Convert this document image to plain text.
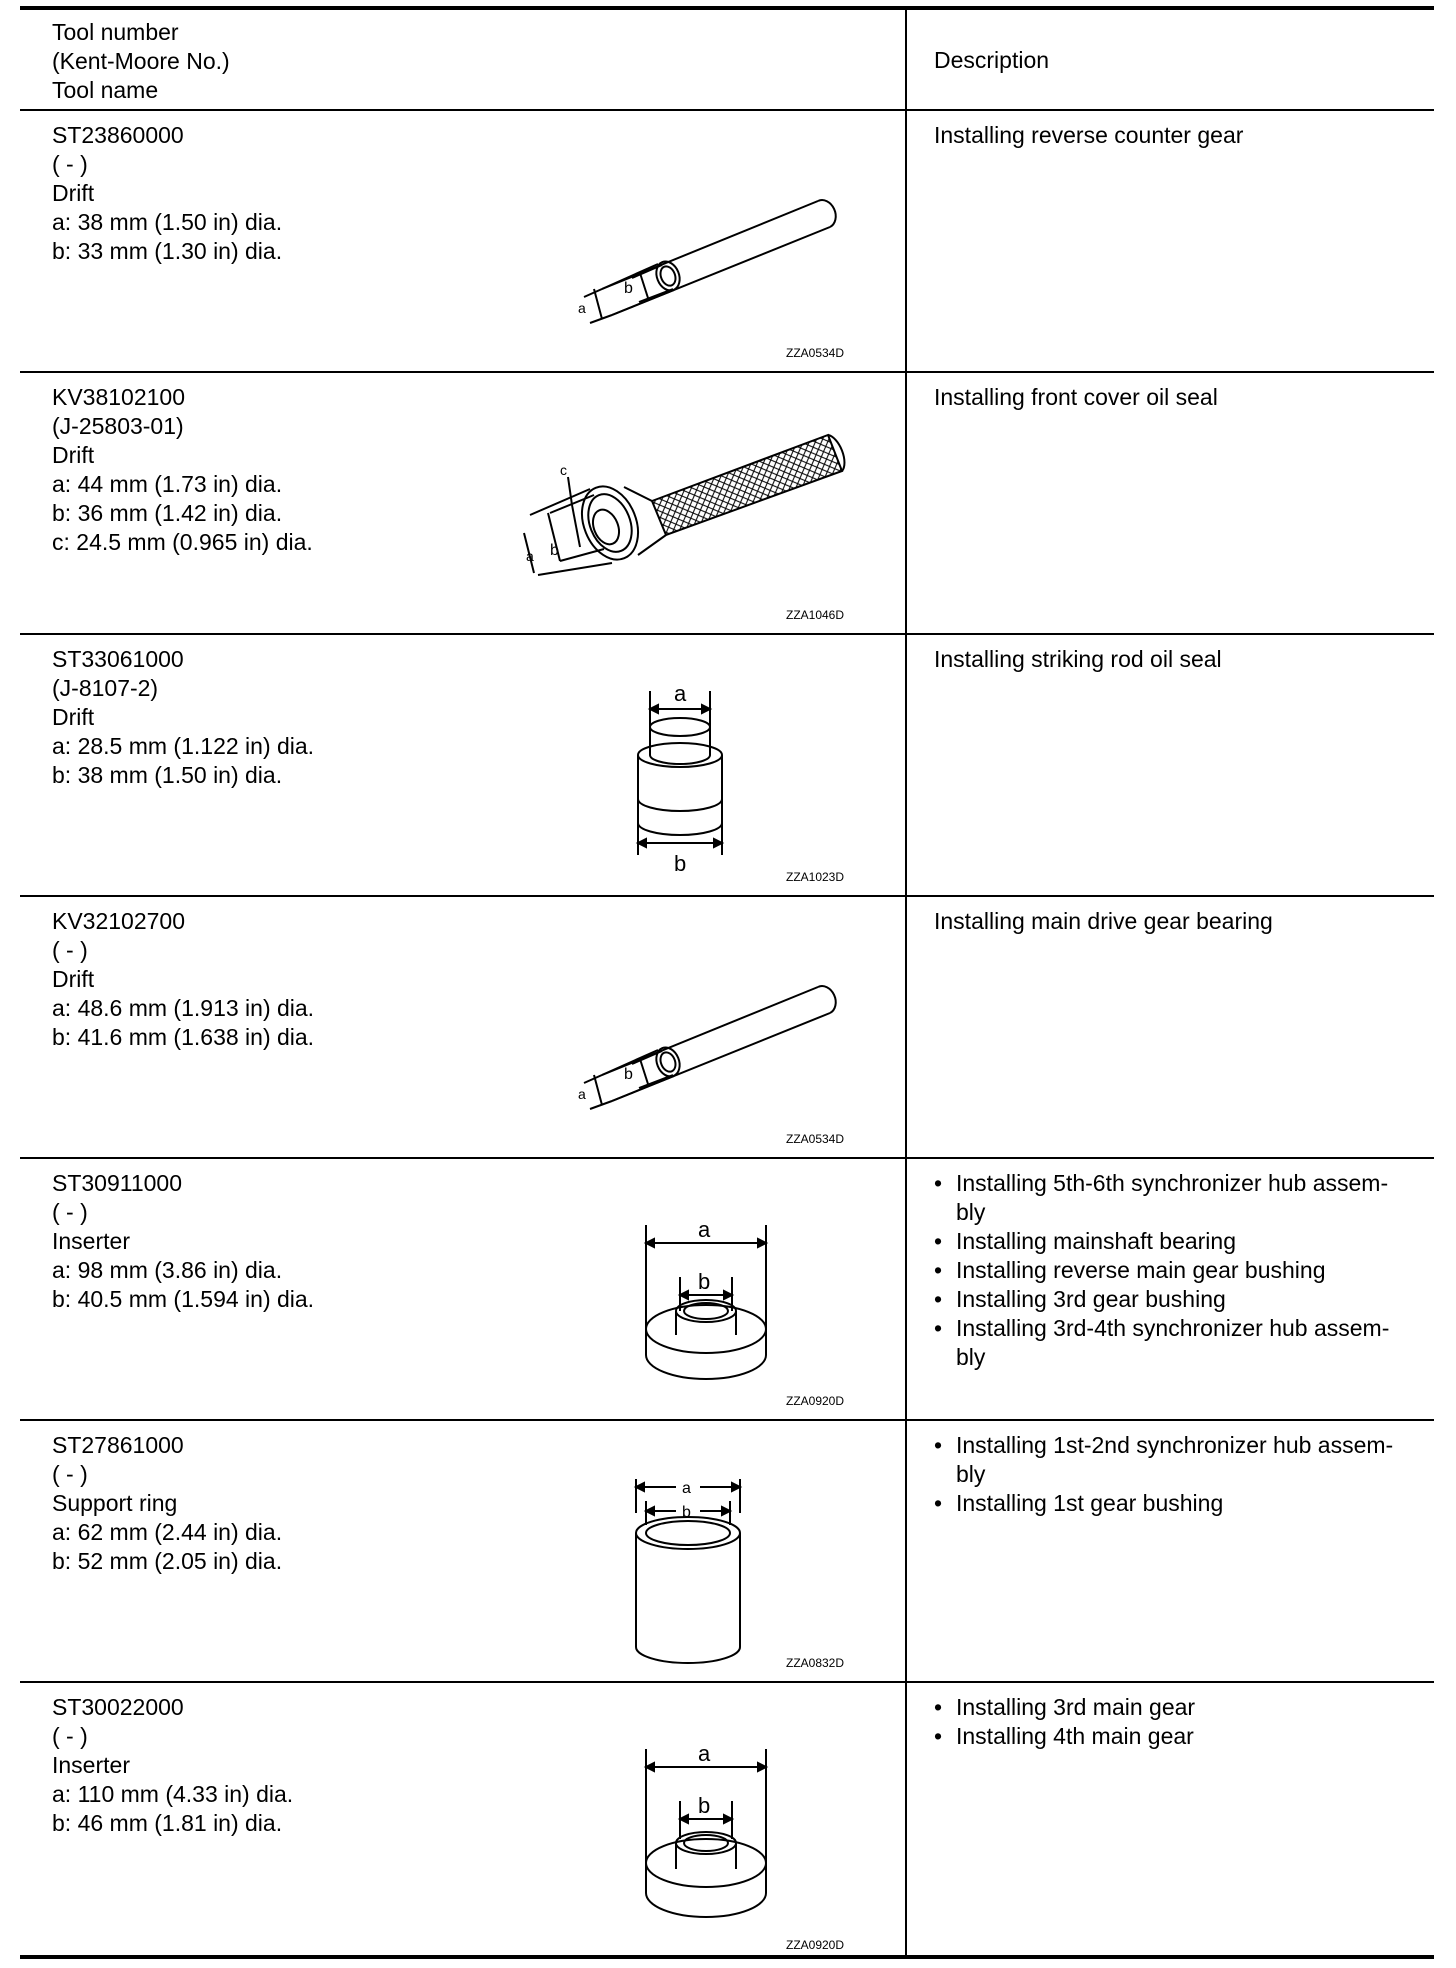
Tool number
(Kent-Moore No.)
Tool name
Description
ST23860000
( - )
Drift
a: 38 mm (1.50 in) dia.
b: 33 mm (1.30 in) dia.
a
b
ZZA0534D
Installing reverse counter gear
KV38102100
(J-25803-01)
Drift
a: 44 mm (1.73 in) dia.
b: 36 mm (1.42 in) dia.
c: 24.5 mm (0.965 in) dia.
a b
c
ZZA1046D
Installing front cover oil seal
ST33061000
(J-8107-2)
Drift
a: 28.5 mm (1.122 in) dia.
b: 38 mm (1.50 in) dia.
a
b
ZZA1023D
Installing striking rod oil seal
KV32102700
( - )
Drift
a: 48.6 mm (1.913 in) dia.
b: 41.6 mm (1.638 in) dia.
a
b
ZZA0534D
Installing main drive gear bearing
ST30911000
( - )
Inserter
a: 98 mm (3.86 in) dia.
b: 40.5 mm (1.594 in) dia.
a
b
ZZA0920D
• Installing 5th-6th synchronizer hub assem-
bly
• Installing mainshaft bearing
• Installing reverse main gear bushing
• Installing 3rd gear bushing
• Installing 3rd-4th synchronizer hub assem-
bly
ST27861000
( - )
Support ring
a: 62 mm (2.44 in) dia.
b: 52 mm (2.05 in) dia.
a
b
ZZA0832D
• Installing 1st-2nd synchronizer hub assem-
bly
• Installing 1st gear bushing
ST30022000
( - )
Inserter
a: 110 mm (4.33 in) dia.
b: 46 mm (1.81 in) dia.
a
b
ZZA0920D
• Installing 3rd main gear
• Installing 4th main gear
